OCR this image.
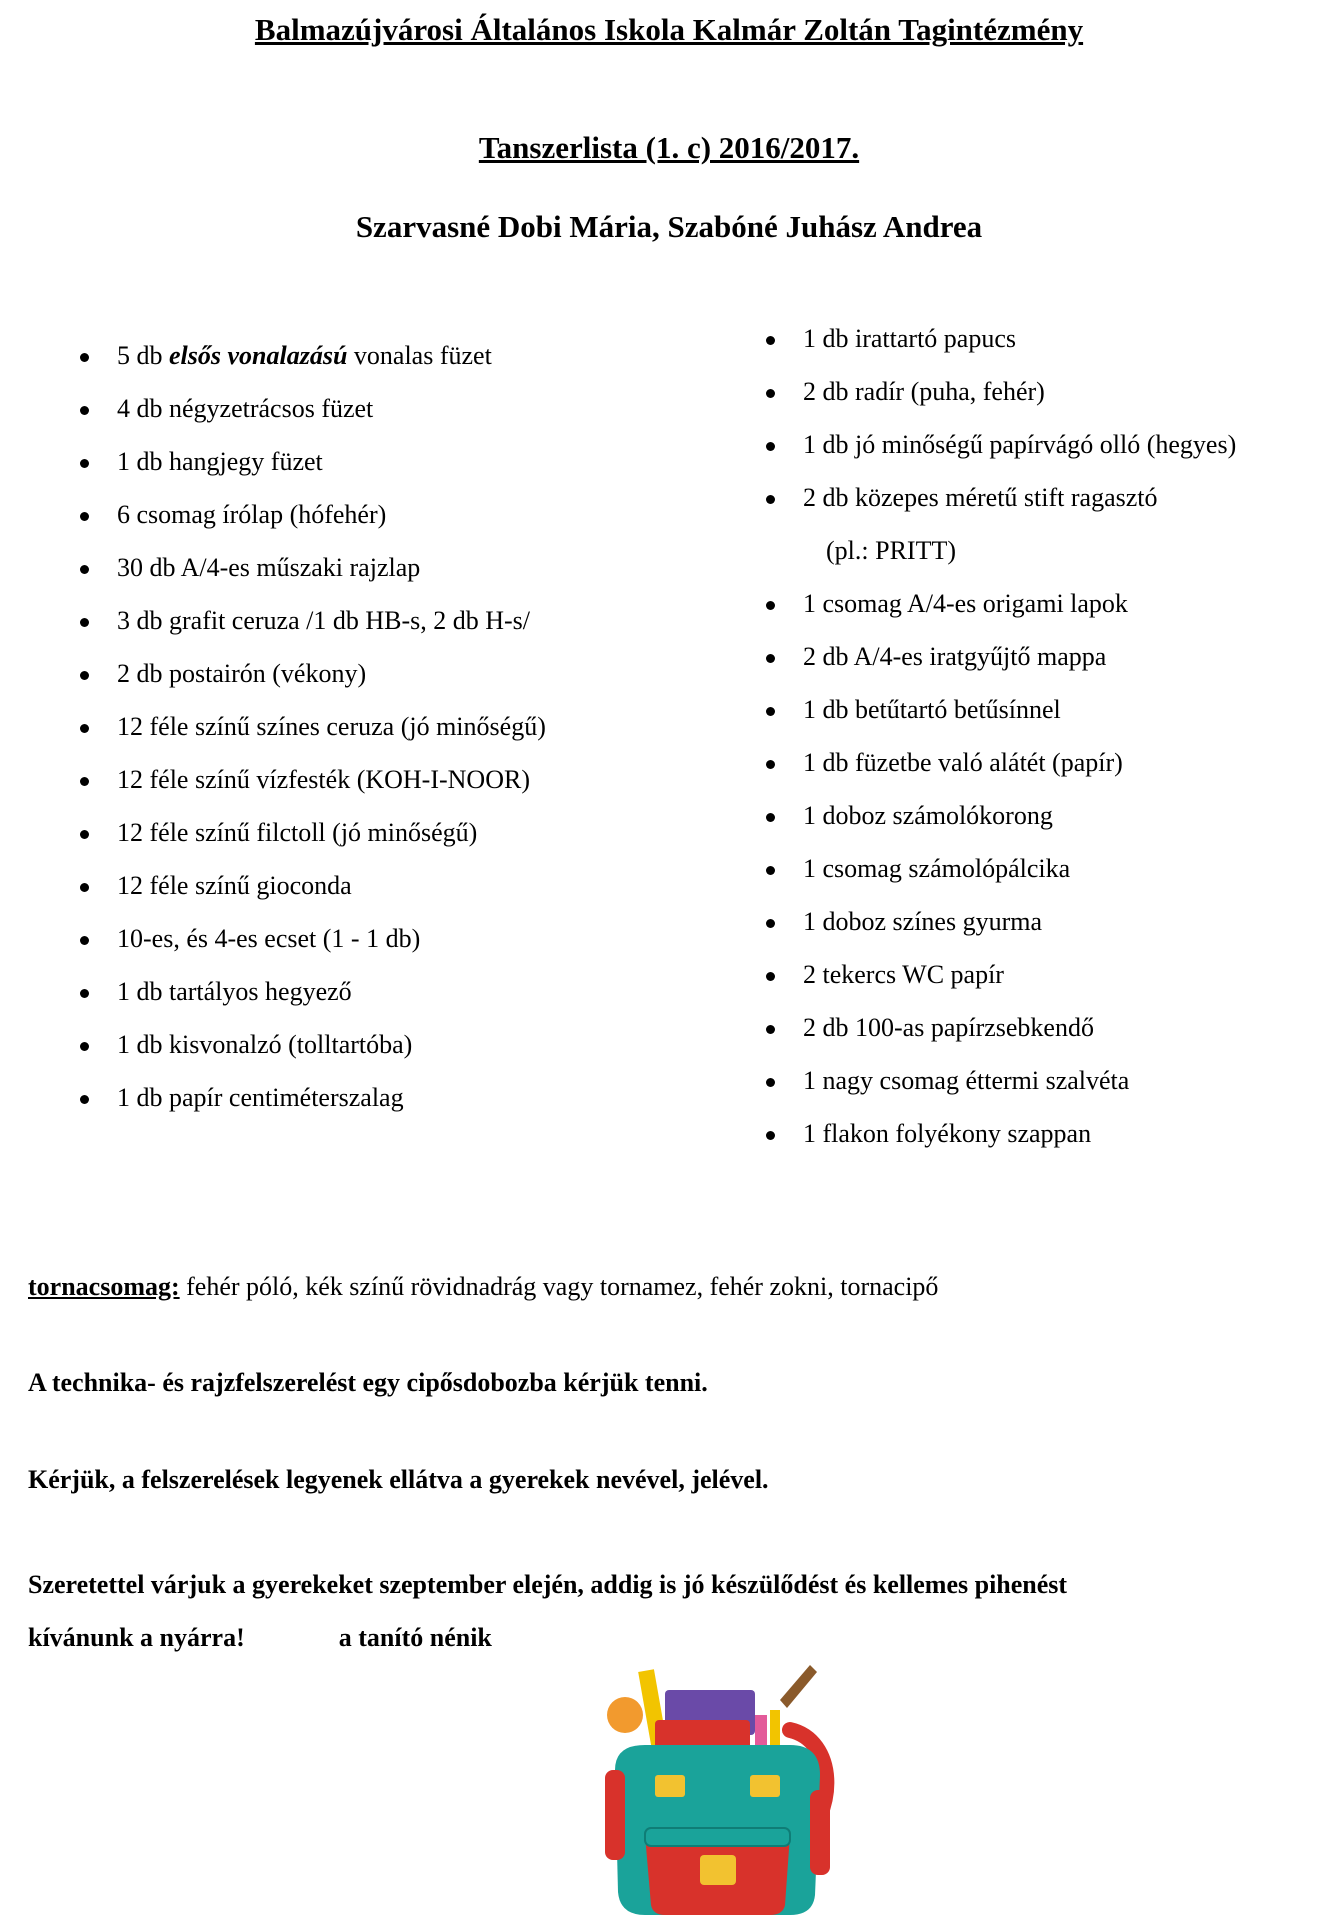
Balmazújvárosi Általános Iskola Kalmár Zoltán Tagintézmény
Tanszerlista (1. c) 2016/2017.
Szarvasné Dobi Mária, Szabóné Juhász Andrea
5 db elsős vonalazású vonalas füzet
4 db négyzetrácsos füzet
1 db hangjegy füzet
6 csomag írólap (hófehér)
30 db A/4-es műszaki rajzlap
3 db grafit ceruza /1 db HB-s, 2 db H-s/
2 db postairón (vékony)
12 féle színű színes ceruza (jó minőségű)
12 féle színű vízfesték (KOH-I-NOOR)
12 féle színű filctoll (jó minőségű)
12 féle színű gioconda
10-es, és 4-es ecset (1 - 1 db)
1 db tartályos hegyező
1 db kisvonalzó (tolltartóba)
1 db papír centiméterszalag
1 db irattartó papucs
2 db radír (puha, fehér)
1 db jó minőségű papírvágó olló (hegyes)
2 db közepes méretű stift ragasztó
(pl.: PRITT)
1 csomag A/4-es origami lapok
2 db A/4-es iratgyűjtő mappa
1 db betűtartó betűsínnel
1 db füzetbe való alátét (papír)
1 doboz számolókorong
1 csomag számolópálcika
1 doboz színes gyurma
2 tekercs WC papír
2 db 100-as papírzsebkendő
1 nagy csomag éttermi szalvéta
1 flakon folyékony szappan
tornacsomag: fehér póló, kék színű rövidnadrág vagy tornamez, fehér zokni, tornacipő
A technika- és rajzfelszerelést egy cipősdobozba kérjük tenni.
Kérjük, a felszerelések legyenek ellátva a gyerekek nevével, jelével.
Szeretettel várjuk a gyerekeket szeptember elején, addig is jó készülődést és kellemes pihenést
kívánunk a nyárra!	a tanító nénik
